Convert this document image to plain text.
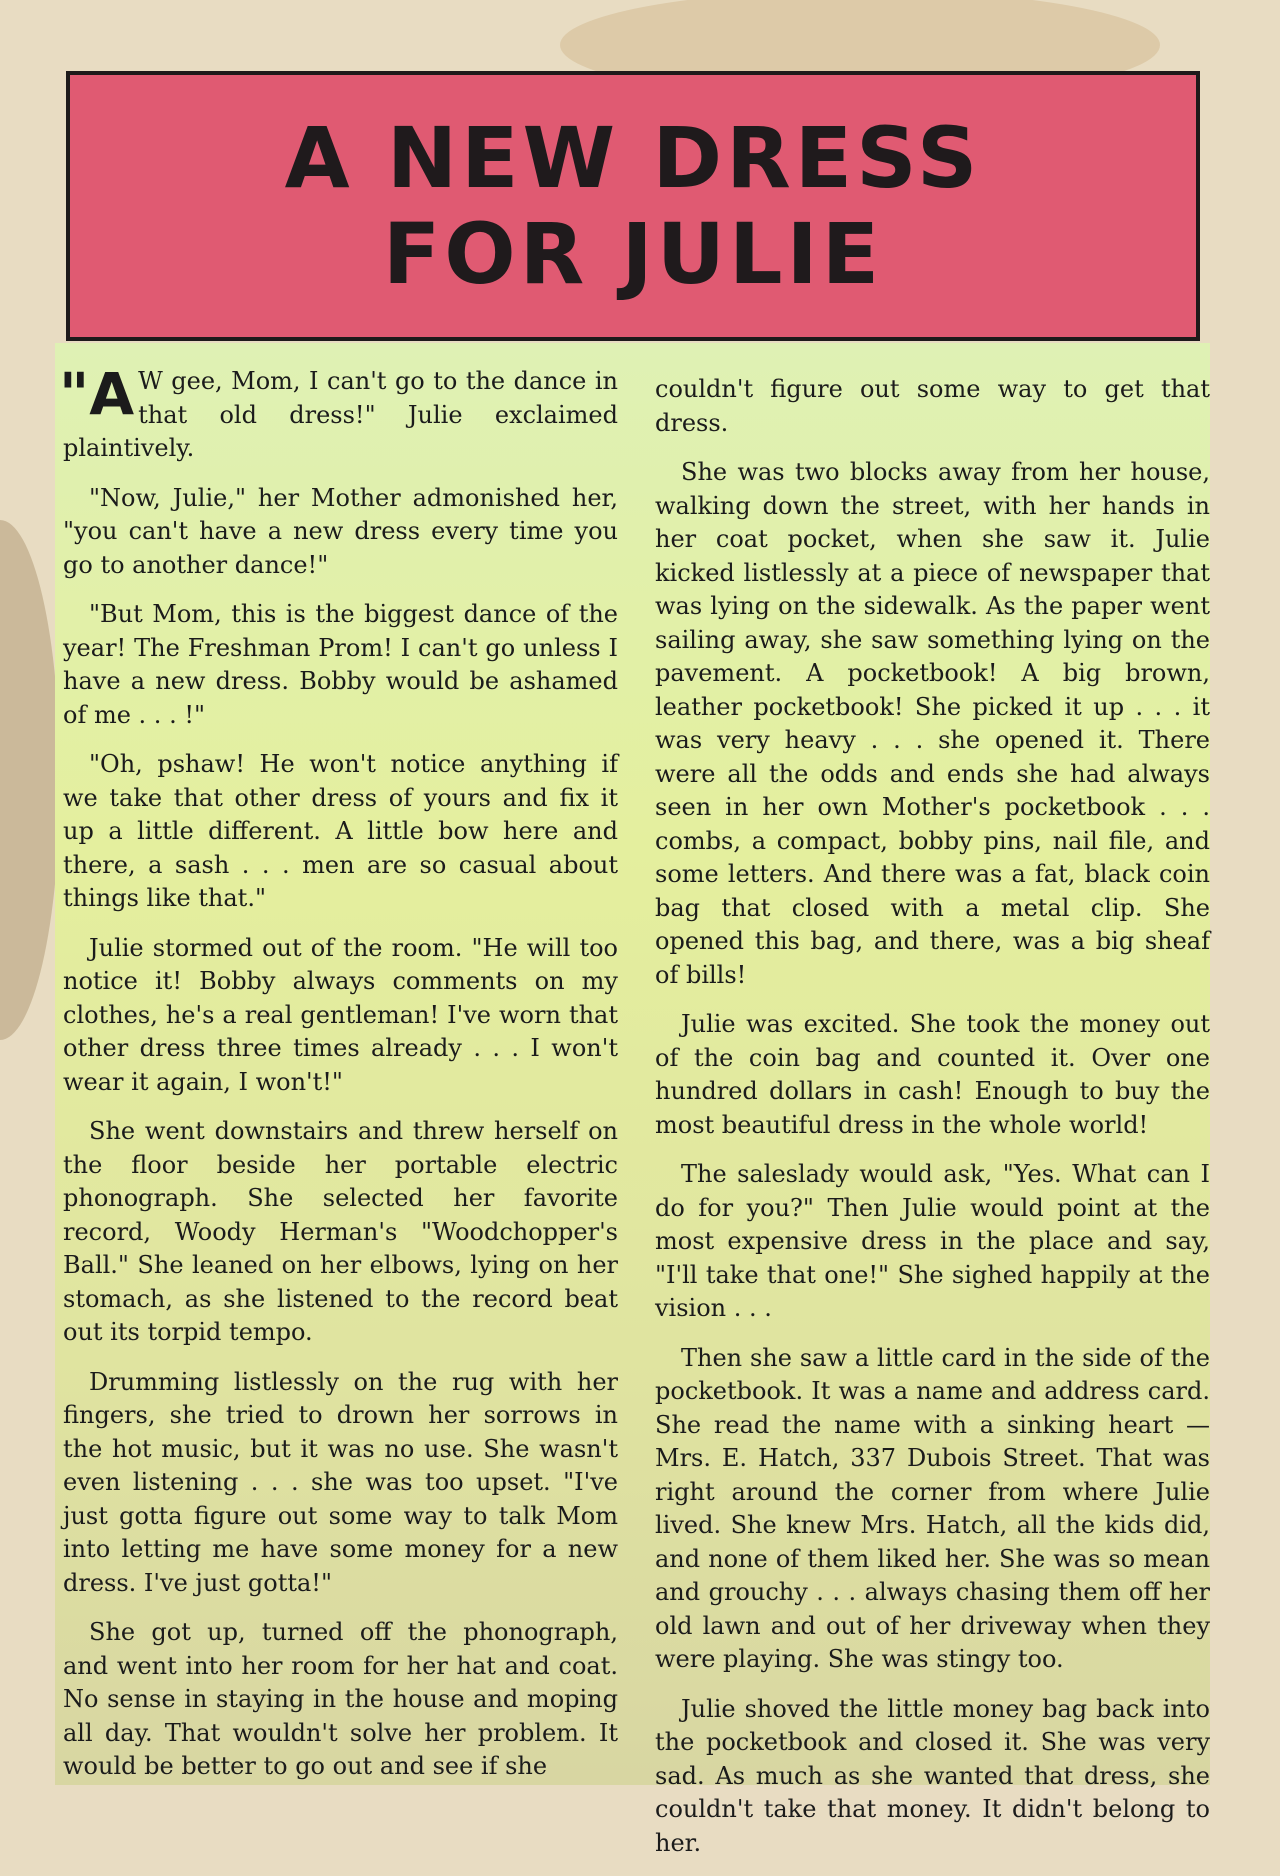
A NEW DRESS
FOR JULIE

"A W gee, Mom, I can't go to the dance in that old dress!" Julie exclaimed plaintively.

"Now, Julie," her Mother admonished her, "you can't have a new dress every time you go to another dance!"

"But Mom, this is the biggest dance of the year! The Freshman Prom! I can't go unless I have a new dress. Bobby would be ashamed of me . . . !"

"Oh, pshaw! He won't notice anything if we take that other dress of yours and fix it up a little different. A little bow here and there, a sash . . . men are so casual about things like that."

Julie stormed out of the room. "He will too notice it! Bobby always comments on my clothes, he's a real gentleman! I've worn that other dress three times already . . . I won't wear it again, I won't!"

She went downstairs and threw herself on the floor beside her portable electric phonograph. She selected her favorite record, Woody Herman's "Woodchopper's Ball." She leaned on her elbows, lying on her stomach, as she listened to the record beat out its torpid tempo.

Drumming listlessly on the rug with her fingers, she tried to drown her sorrows in the hot music, but it was no use. She wasn't even listening . . . she was too upset. "I've just gotta figure out some way to talk Mom into letting me have some money for a new dress. I've just gotta!"

She got up, turned off the phonograph, and went into her room for her hat and coat. No sense in staying in the house and moping all day. That wouldn't solve her problem. It would be better to go out and see if she

couldn't figure out some way to get that dress.

She was two blocks away from her house, walking down the street, with her hands in her coat pocket, when she saw it. Julie kicked listlessly at a piece of newspaper that was lying on the sidewalk. As the paper went sailing away, she saw something lying on the pavement. A pocketbook! A big brown, leather pocketbook! She picked it up . . . it was very heavy . . . she opened it. There were all the odds and ends she had always seen in her own Mother's pocketbook . . . combs, a compact, bobby pins, nail file, and some letters. And there was a fat, black coin bag that closed with a metal clip. She opened this bag, and there, was a big sheaf of bills!

Julie was excited. She took the money out of the coin bag and counted it. Over one hundred dollars in cash! Enough to buy the most beautiful dress in the whole world!

The saleslady would ask, "Yes. What can I do for you?" Then Julie would point at the most expensive dress in the place and say, "I'll take that one!" She sighed happily at the vision . . .

Then she saw a little card in the side of the pocketbook. It was a name and address card. She read the name with a sinking heart —Mrs. E. Hatch, 337 Dubois Street. That was right around the corner from where Julie lived. She knew Mrs. Hatch, all the kids did, and none of them liked her. She was so mean and grouchy . . . always chasing them off her old lawn and out of her driveway when they were playing. She was stingy too.

Julie shoved the little money bag back into the pocketbook and closed it. She was very sad. As much as she wanted that dress, she couldn't take that money. It didn't belong to her.
